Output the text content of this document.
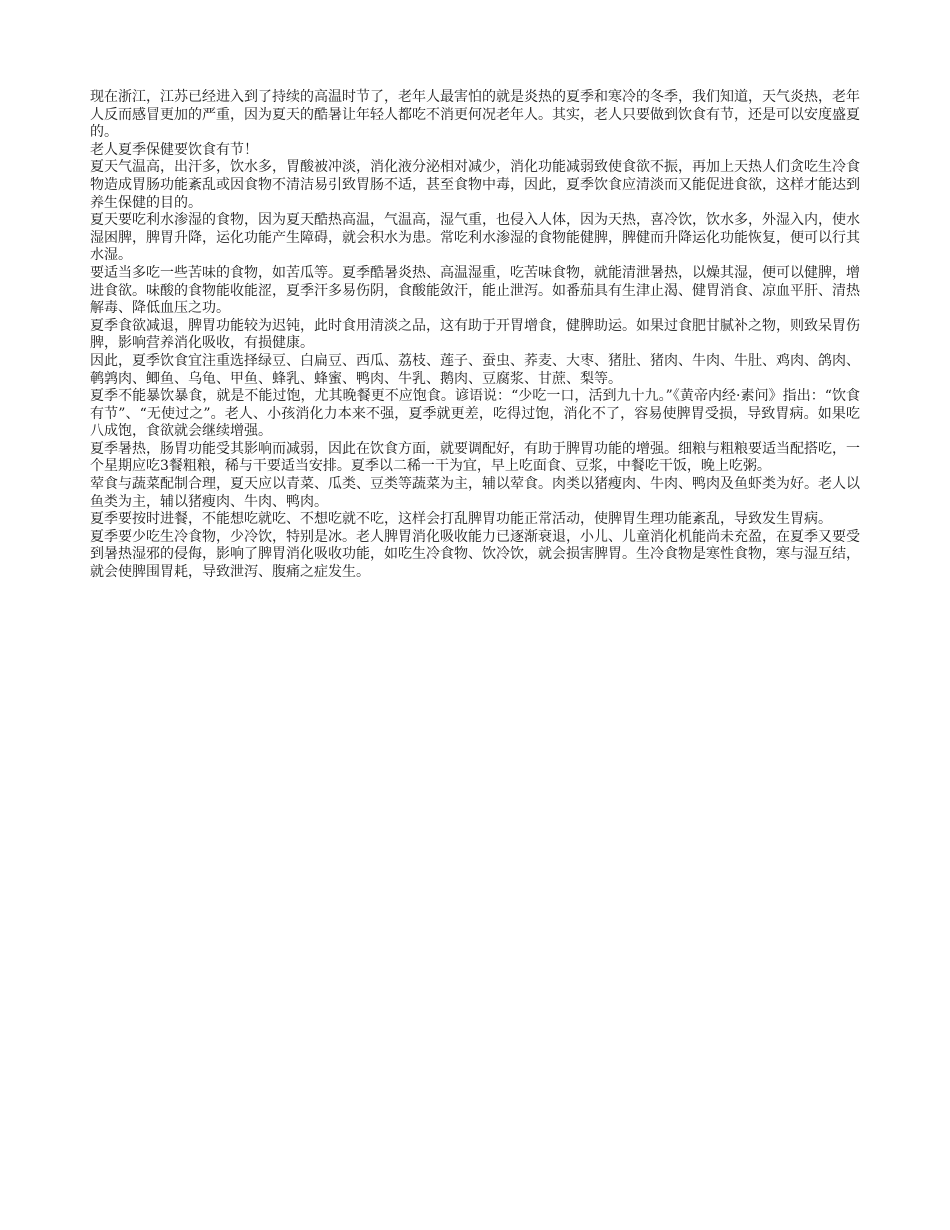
现在浙江，江苏已经进入到了持续的高温时节了，老年人最害怕的就是炎热的夏季和寒冷的冬季，我们知道，天气炎热，老年人反而感冒更加的严重，因为夏天的酷暑让年轻人都吃不消更何况老年人。其实，老人只要做到饮食有节，还是可以安度盛夏的。

老人夏季保健要饮食有节！

夏天气温高，出汗多，饮水多，胃酸被冲淡，消化液分泌相对减少，消化功能减弱致使食欲不振，再加上天热人们贪吃生冷食物造成胃肠功能紊乱或因食物不清洁易引致胃肠不适，甚至食物中毒，因此，夏季饮食应清淡而又能促进食欲，这样才能达到养生保健的目的。

夏天要吃利水渗湿的食物，因为夏天酷热高温，气温高，湿气重，也侵入人体，因为天热，喜冷饮，饮水多，外湿入内，使水湿困脾，脾胃升降，运化功能产生障碍，就会积水为患。常吃利水渗湿的食物能健脾，脾健而升降运化功能恢复，便可以行其水湿。

要适当多吃一些苦味的食物，如苦瓜等。夏季酷暑炎热、高温湿重，吃苦味食物，就能清泄暑热，以燥其湿，便可以健脾，增进食欲。味酸的食物能收能涩，夏季汗多易伤阴，食酸能敛汗，能止泄泻。如番茄具有生津止渴、健胃消食、凉血平肝、清热解毒、降低血压之功。

夏季食欲减退，脾胃功能较为迟钝，此时食用清淡之品，这有助于开胃增食，健脾助运。如果过食肥甘腻补之物，则致呆胃伤脾，影响营养消化吸收，有损健康。

因此，夏季饮食宜注重选择绿豆、白扁豆、西瓜、荔枝、莲子、蚕虫、荞麦、大枣、猪肚、猪肉、牛肉、牛肚、鸡肉、鸽肉、鹌鹑肉、鲫鱼、乌龟、甲鱼、蜂乳、蜂蜜、鸭肉、牛乳、鹅肉、豆腐浆、甘蔗、梨等。

夏季不能暴饮暴食，就是不能过饱，尤其晚餐更不应饱食。谚语说：“少吃一口，活到九十九。”《黄帝内经·素问》指出：“饮食有节”、“无使过之”。老人、小孩消化力本来不强，夏季就更差，吃得过饱，消化不了，容易使脾胃受损，导致胃病。如果吃八成饱，食欲就会继续增强。

夏季暑热，肠胃功能受其影响而减弱，因此在饮食方面，就要调配好，有助于脾胃功能的增强。细粮与粗粮要适当配搭吃，一个星期应吃3餐粗粮，稀与干要适当安排。夏季以二稀一干为宜，早上吃面食、豆浆，中餐吃干饭，晚上吃粥。

荤食与蔬菜配制合理，夏天应以青菜、瓜类、豆类等蔬菜为主，辅以荤食。肉类以猪瘦肉、牛肉、鸭肉及鱼虾类为好。老人以鱼类为主，辅以猪瘦肉、牛肉、鸭肉。

夏季要按时进餐，不能想吃就吃、不想吃就不吃，这样会打乱脾胃功能正常活动，使脾胃生理功能紊乱，导致发生胃病。

夏季要少吃生冷食物，少冷饮，特别是冰。老人脾胃消化吸收能力已逐渐衰退，小儿、儿童消化机能尚未充盈，在夏季又要受到暑热湿邪的侵侮，影响了脾胃消化吸收功能，如吃生冷食物、饮冷饮，就会损害脾胃。生冷食物是寒性食物，寒与湿互结，就会使脾围胃耗，导致泄泻、腹痛之症发生。
